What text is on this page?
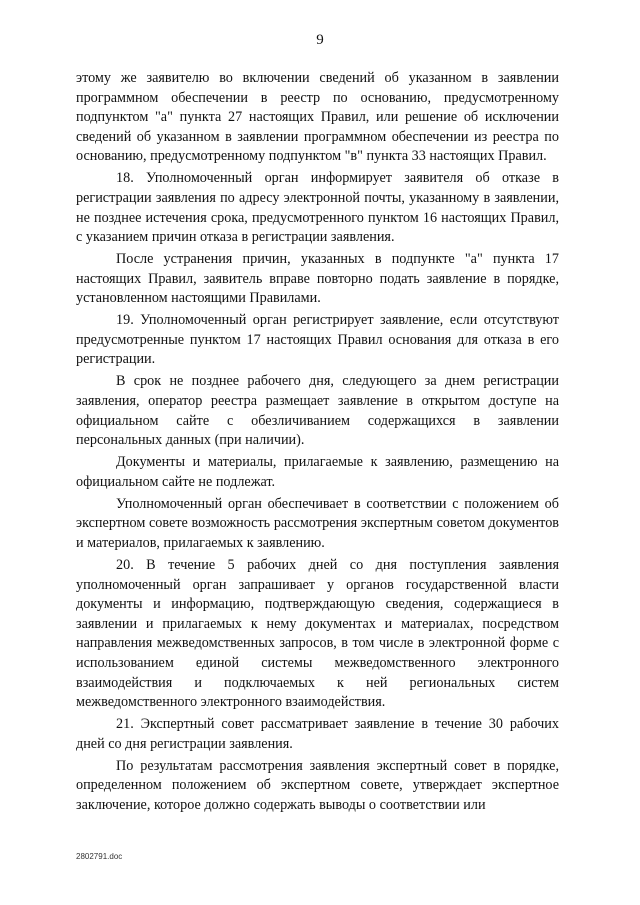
9

этому же заявителю во включении сведений об указанном в заявлении программном обеспечении в реестр по основанию, предусмотренному подпунктом "а" пункта 27 настоящих Правил, или решение об исключении сведений об указанном в заявлении программном обеспечении из реестра по основанию, предусмотренному подпунктом "в" пункта 33 настоящих Правил.

18. Уполномоченный орган информирует заявителя об отказе в регистрации заявления по адресу электронной почты, указанному в заявлении, не позднее истечения срока, предусмотренного пунктом 16 настоящих Правил, с указанием причин отказа в регистрации заявления.

После устранения причин, указанных в подпункте "а" пункта 17 настоящих Правил, заявитель вправе повторно подать заявление в порядке, установленном настоящими Правилами.

19. Уполномоченный орган регистрирует заявление, если отсутствуют предусмотренные пунктом 17 настоящих Правил основания для отказа в его регистрации.

В срок не позднее рабочего дня, следующего за днем регистрации заявления, оператор реестра размещает заявление в открытом доступе на официальном сайте с обезличиванием содержащихся в заявлении персональных данных (при наличии).

Документы и материалы, прилагаемые к заявлению, размещению на официальном сайте не подлежат.

Уполномоченный орган обеспечивает в соответствии с положением об экспертном совете возможность рассмотрения экспертным советом документов и материалов, прилагаемых к заявлению.

20. В течение 5 рабочих дней со дня поступления заявления уполномоченный орган запрашивает у органов государственной власти документы и информацию, подтверждающую сведения, содержащиеся в заявлении и прилагаемых к нему документах и материалах, посредством направления межведомственных запросов, в том числе в электронной форме с использованием единой системы межведомственного электронного взаимодействия и подключаемых к ней региональных систем межведомственного электронного взаимодействия.

21. Экспертный совет рассматривает заявление в течение 30 рабочих дней со дня регистрации заявления.

По результатам рассмотрения заявления экспертный совет в порядке, определенном положением об экспертном совете, утверждает экспертное заключение, которое должно содержать выводы о соответствии или

2802791.doc
